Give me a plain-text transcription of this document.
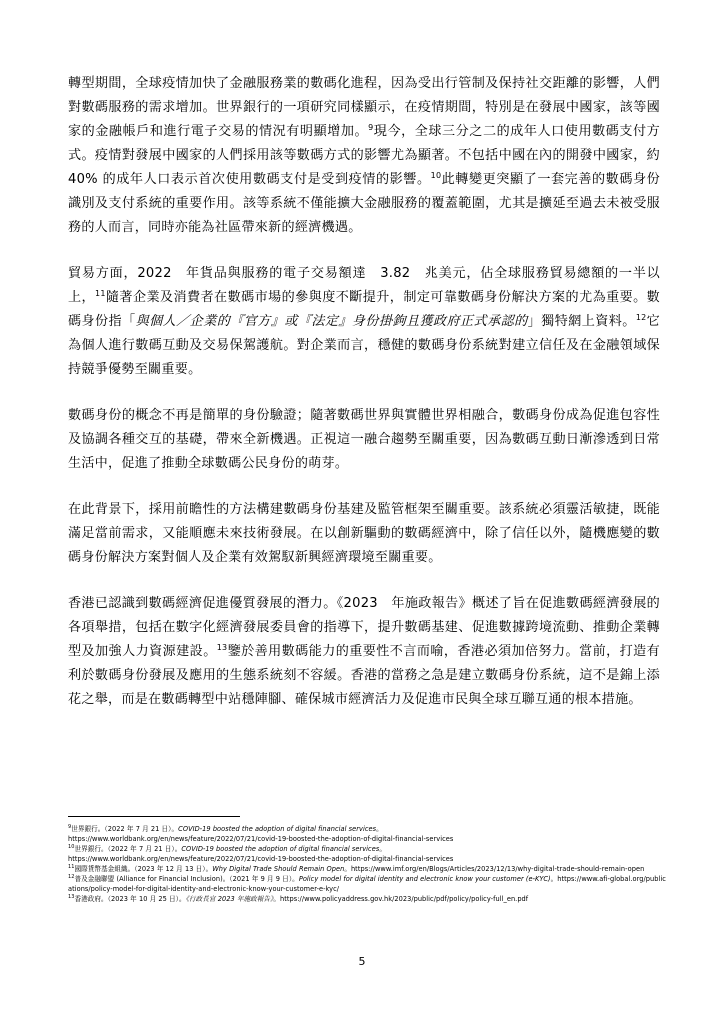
轉型期間，全球疫情加快了金融服務業的數碼化進程，因為受出行管制及保持社交距離的影響，人們對數碼服務的需求增加。世界銀行的一項研究同樣顯示，在疫情期間，特別是在發展中國家，該等國家的金融帳戶和進行電子交易的情況有明顯增加。$^9$現今，全球三分之二的成年人口使用數碼支付方式。疫情對發展中國家的人們採用該等數碼方式的影響尤為顯著。不包括中國在內的開發中國家，約 40% 的成年人口表示首次使用數碼支付是受到疫情的影響。$^{10}$此轉變更突顯了一套完善的數碼身份識別及支付系統的重要作用。該等系統不僅能擴大金融服務的覆蓋範圍，尤其是擴延至過去未被受服務的人而言，同時亦能為社區帶來新的經濟機遇。

貿易方面，2022　年貨品與服務的電子交易額達　3.82　兆美元，佔全球服務貿易總額的一半以上，$^{11}$隨著企業及消費者在數碼市場的參與度不斷提升，制定可靠數碼身份解決方案的尤為重要。數碼身份指「與個人／企業的『官方』或『法定』身份掛鉤且獲政府正式承認的」獨特網上資料。$^{12}$它為個人進行數碼互動及交易保駕護航。對企業而言，穩健的數碼身份系統對建立信任及在金融領域保持競爭優勢至關重要。

數碼身份的概念不再是簡單的身份驗證；隨著數碼世界與實體世界相融合，數碼身份成為促進包容性及協調各種交互的基礎，帶來全新機遇。正視這一融合趨勢至關重要，因為數碼互動日漸滲透到日常生活中，促進了推動全球數碼公民身份的萌芽。

在此背景下，採用前瞻性的方法構建數碼身份基建及監管框架至關重要。該系統必須靈活敏捷，既能滿足當前需求，又能順應未來技術發展。在以創新驅動的數碼經濟中，除了信任以外，隨機應變的數碼身份解決方案對個人及企業有效駕馭新興經濟環境至關重要。

香港已認識到數碼經濟促進優質發展的潛力。《2023　年施政報告》概述了旨在促進數碼經濟發展的各項舉措，包括在數字化經濟發展委員會的指導下，提升數碼基建、促進數據跨境流動、推動企業轉型及加強人力資源建設。$^{13}$鑒於善用數碼能力的重要性不言而喻，香港必須加倍努力。當前，打造有利於數碼身份發展及應用的生態系統刻不容緩。香港的當務之急是建立數碼身份系統，這不是錦上添花之舉，而是在數碼轉型中站穩陣腳、確保城市經濟活力及促進市民與全球互聯互通的根本措施。

$^9$世界銀行。（2022 年 7 月 21 日）。COVID-19 boosted the adoption of digital financial services。
https://www.worldbank.org/en/news/feature/2022/07/21/covid-19-boosted-the-adoption-of-digital-financial-services

$^{10}$世界銀行。（2022 年 7 月 21 日）。COVID-19 boosted the adoption of digital financial services。
https://www.worldbank.org/en/news/feature/2022/07/21/covid-19-boosted-the-adoption-of-digital-financial-services

$^{11}$國際貨幣基金組織。（2023 年 12 月 13 日）。Why Digital Trade Should Remain Open。https://www.imf.org/en/Blogs/Articles/2023/12/13/why-digital-trade-should-remain-open

$^{12}$普及金融聯盟 (Alliance for Financial Inclusion)。（2021 年 9 月 9 日）。Policy model for digital identity and electronic know your customer (e-KYC)。https://www.afi-global.org/publications/policy-model-for-digital-identity-and-electronic-know-your-customer-e-kyc/

$^{13}$香港政府。（2023 年 10 月 25 日）。《行政長官 2023 年施政報告》。https://www.policyaddress.gov.hk/2023/public/pdf/policy/policy-full_en.pdf

5
